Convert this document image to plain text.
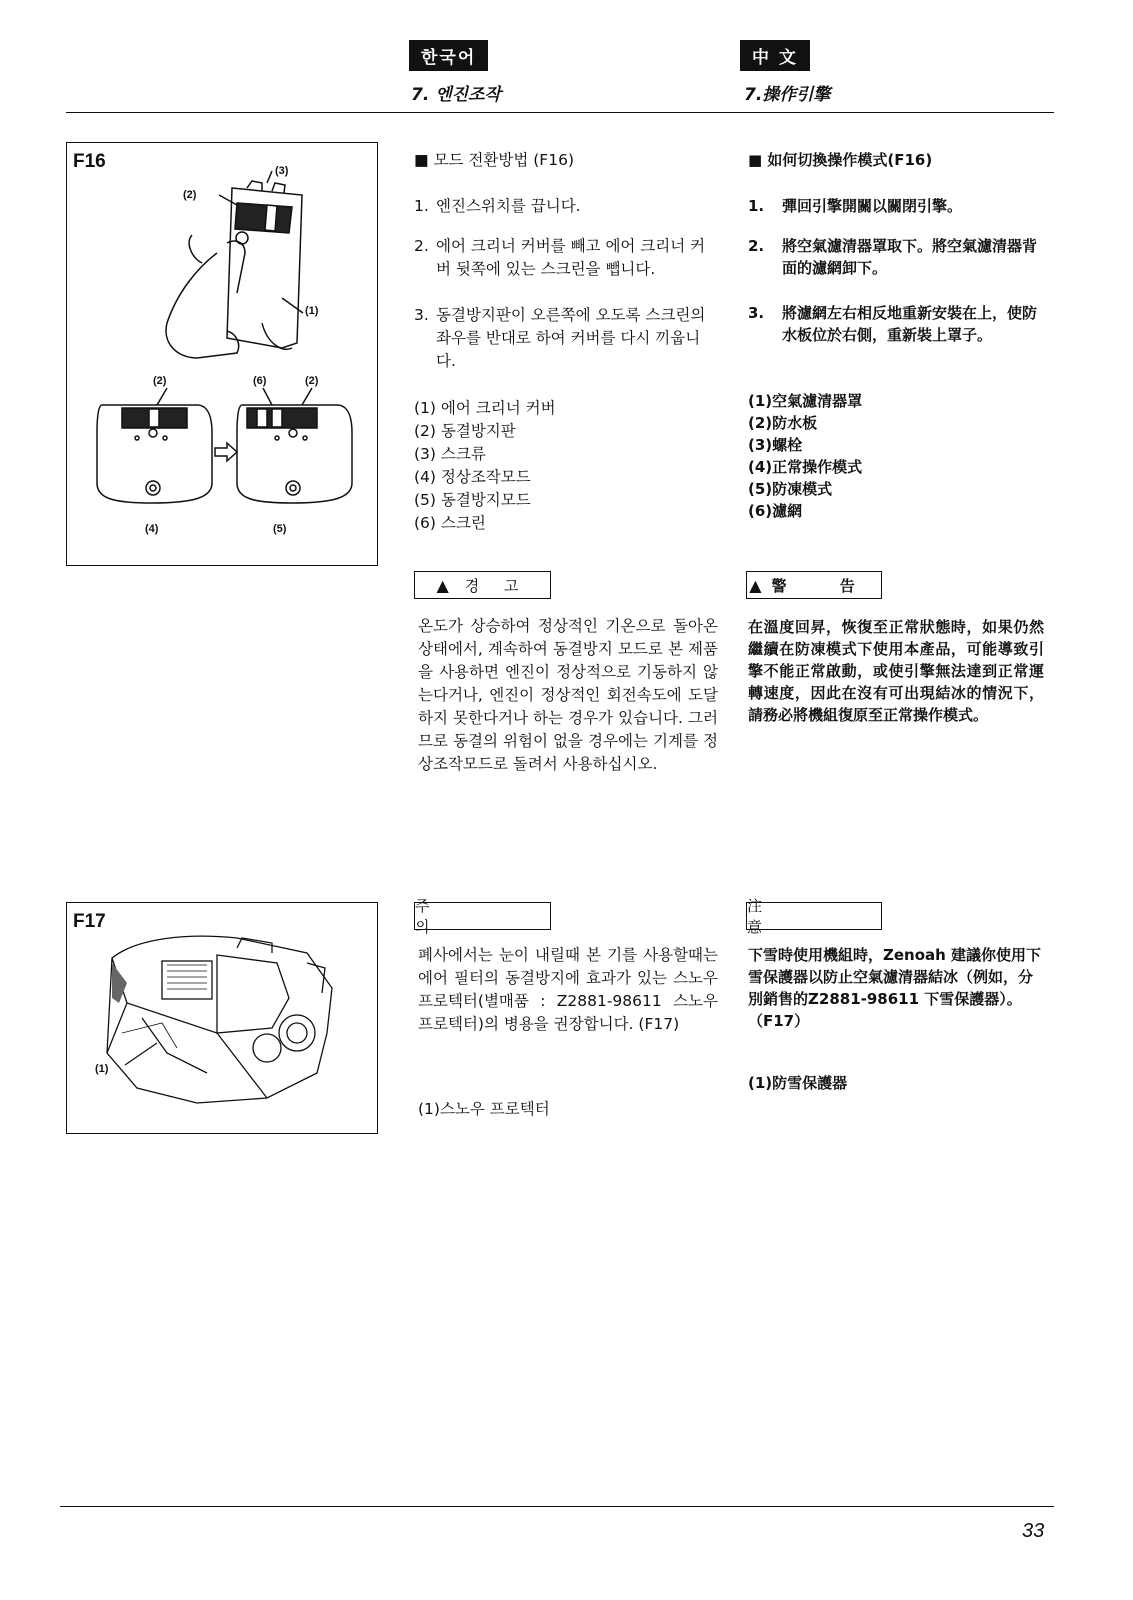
한국어	中 文
7. 엔진조작	7.操作引擎
F16	(3)
(2)
(1)
(2)	(6)	(2)
(4)	(5)
F17
(1)
■ 모드 전환방법 (F16)
1. 엔진스위치를 끕니다.
2. 에어 크리너 커버를 빼고 에어 크리너 커버 뒷쪽에 있는 스크린을 뺍니다.
3. 동결방지판이 오른쪽에 오도록 스크린의 좌우를 반대로 하여 커버를 다시 끼웁니다.
(1) 에어 크리너 커버
(2) 동결방지판
(3) 스크류
(4) 정상조작모드
(5) 동결방지모드
(6) 스크린
▲ 경 고
온도가 상승하여 정상적인 기온으로 돌아온 상태에서, 계속하여 동결방지 모드로 본 제품을 사용하면 엔진이 정상적으로 기동하지 않는다거나, 엔진이 정상적인 회전속도에 도달하지 못한다거나 하는 경우가 있습니다. 그러므로 동결의 위험이 없을 경우에는 기계를 정상조작모드로 돌려서 사용하십시오.
주 의
폐사에서는 눈이 내릴때 본 기를 사용할때는 에어 필터의 동결방지에 효과가 있는 스노우 프로텍터(별매품 : Z2881-98611 스노우 프로텍터)의 병용을 권장합니다. (F17)
(1)스노우 프로텍터
■ 如何切換操作模式(F16)
1.	彈回引擎開關以關閉引擎。
2.	將空氣濾清器罩取下。將空氣濾清器背面的濾網卸下。
3.	將濾網左右相反地重新安裝在上，使防水板位於右側，重新裝上罩子。
(1)空氣濾清器罩
(2)防水板
(3)螺栓
(4)正常操作模式
(5)防凍模式
(6)濾網
▲ 警 告
在溫度回昇，恢復至正常狀態時，如果仍然繼續在防凍模式下使用本產品，可能導致引擎不能正常啟動，或使引擎無法達到正常運轉速度，因此在沒有可出現結冰的情況下，請務必將機組復原至正常操作模式。
注 意
下雪時使用機組時，Zenoah 建議你使用下雪保護器以防止空氣濾清器結冰（例如，分別銷售的Z2881-98611 下雪保護器）。（F17）
(1)防雪保護器
33
